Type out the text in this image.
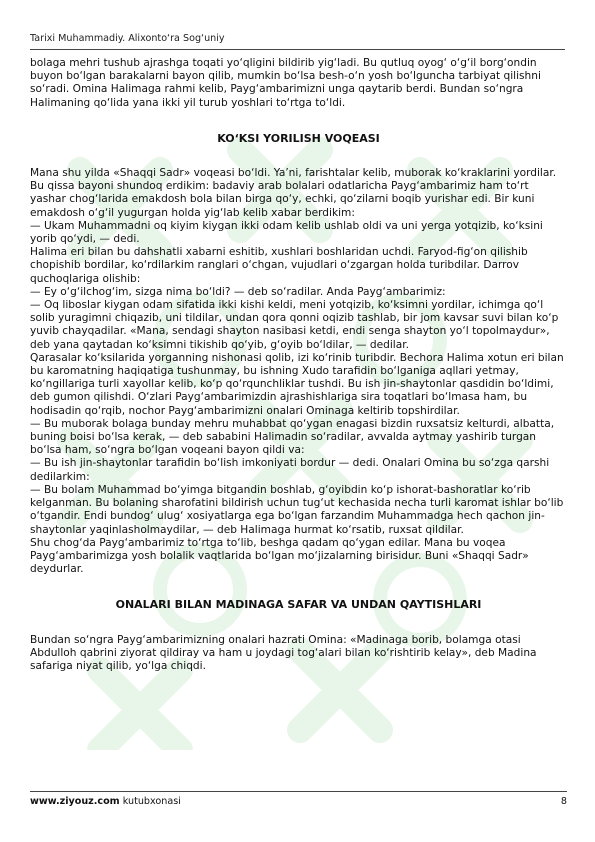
Tarixi Muhammadiy. Alixonto‘ra Sog‘uniy

bolaga mehri tushub ajrashga toqati yo‘qligini bildirib yig‘ladi. Bu qutluq oyog‘ o‘g‘il borg‘ondin buyon bo‘lgan barakalarni bayon qilib, mumkin bo‘lsa besh-o‘n yosh bo‘lguncha tarbiyat qilishni so‘radi. Omina Halimaga rahmi kelib, Payg‘ambarimizni unga qaytarib berdi. Bundan so‘ngra Halimaning qo‘lida yana ikki yil turub yoshlari to‘rtga to‘ldi.

KO‘KSI YORILISH VOQEASI

Mana shu yilda «Shaqqi Sadr» voqeasi bo‘ldi. Ya’ni, farishtalar kelib, muborak ko‘kraklarini yordilar. Bu qissa bayoni shundoq erdikim: badaviy arab bolalari odatlaricha Payg‘ambarimiz ham to‘rt yashar chog‘larida emakdosh bola bilan birga qo‘y, echki, qo‘zilarni boqib yurishar edi. Bir kuni emakdosh o‘g‘il yugurgan holda yig‘lab kelib xabar berdikim:

— Ukam Muhammadni oq kiyim kiygan ikki odam kelib ushlab oldi va uni yerga yotqizib, ko‘ksini yorib qo‘ydi, — dedi.

Halima eri bilan bu dahshatli xabarni eshitib, xushlari boshlaridan uchdi. Faryod-fig‘on qilishib chopishib bordilar, ko‘rdilarkim ranglari o‘chgan, vujudlari o‘zgargan holda turibdilar. Darrov quchoqlariga olishib:

— Ey o‘g‘ilchog‘im, sizga nima bo‘ldi? — deb so‘radilar. Anda Payg‘ambarimiz:

— Oq liboslar kiygan odam sifatida ikki kishi keldi, meni yotqizib, ko‘ksimni yordilar, ichimga qo‘l solib yuragimni chiqazib, uni tildilar, undan qora qonni oqizib tashlab, bir jom kavsar suvi bilan ko‘p yuvib chayqadilar. «Mana, sendagi shayton nasibasi ketdi, endi senga shayton yo‘l topolmaydur», deb yana qaytadan ko‘ksimni tikishib qo‘yib, g‘oyib bo‘ldilar, — dedilar.

Qarasalar ko‘ksilarida yorganning nishonasi qolib, izi ko‘rinib turibdir. Bechora Halima xotun eri bilan bu karomatning haqiqatiga tushunmay, bu ishning Xudo tarafidin bo‘lganiga aqllari yetmay, ko‘ngillariga turli xayollar kelib, ko‘p qo‘rqunchliklar tushdi. Bu ish jin-shaytonlar qasdidin bo‘ldimi, deb gumon qilishdi. O‘zlari Payg‘ambarimizdin ajrashishlariga sira toqatlari bo‘lmasa ham, bu hodisadin qo‘rqib, nochor Payg‘ambarimizni onalari Ominaga keltirib topshirdilar.

— Bu muborak bolaga bunday mehru muhabbat qo‘ygan enagasi bizdin ruxsatsiz kelturdi, albatta, buning boisi bo‘lsa kerak, — deb sababini Halimadin so‘radilar, avvalda aytmay yashirib turgan bo‘lsa ham, so‘ngra bo‘lgan voqeani bayon qildi va:

— Bu ish jin-shaytonlar tarafidin bo‘lish imkoniyati bordur — dedi. Onalari Omina bu so‘zga qarshi dedilarkim:

— Bu bolam Muhammad bo‘yimga bitgandin boshlab, g‘oyibdin ko‘p ishorat-bashoratlar ko‘rib kelganman. Bu bolaning sharofatini bildirish uchun tug‘ut kechasida necha turli karomat ishlar bo‘lib o‘tgandir. Endi bundog‘ ulug‘ xosiyatlarga ega bo‘lgan farzandim Muhammadga hech qachon jin-shaytonlar yaqinlasholmaydilar, — deb Halimaga hurmat ko‘rsatib, ruxsat qildilar.

Shu chog‘da Payg‘ambarimiz to‘rtga to‘lib, beshga qadam qo‘ygan edilar. Mana bu voqea Payg‘ambarimizga yosh bolalik vaqtlarida bo‘lgan mo‘jizalarning birisidur. Buni «Shaqqi Sadr» deydurlar.

ONALARI BILAN MADINAGA SAFAR VA UNDAN QAYTISHLARI

Bundan so‘ngra Payg‘ambarimizning onalari hazrati Omina: «Madinaga borib, bolamga otasi Abdulloh qabrini ziyorat qildiray va ham u joydagi tog‘alari bilan ko‘rishtirib kelay», deb Madina safariga niyat qilib, yo‘lga chiqdi.

www.ziyouz.com kutubxonasi	8
